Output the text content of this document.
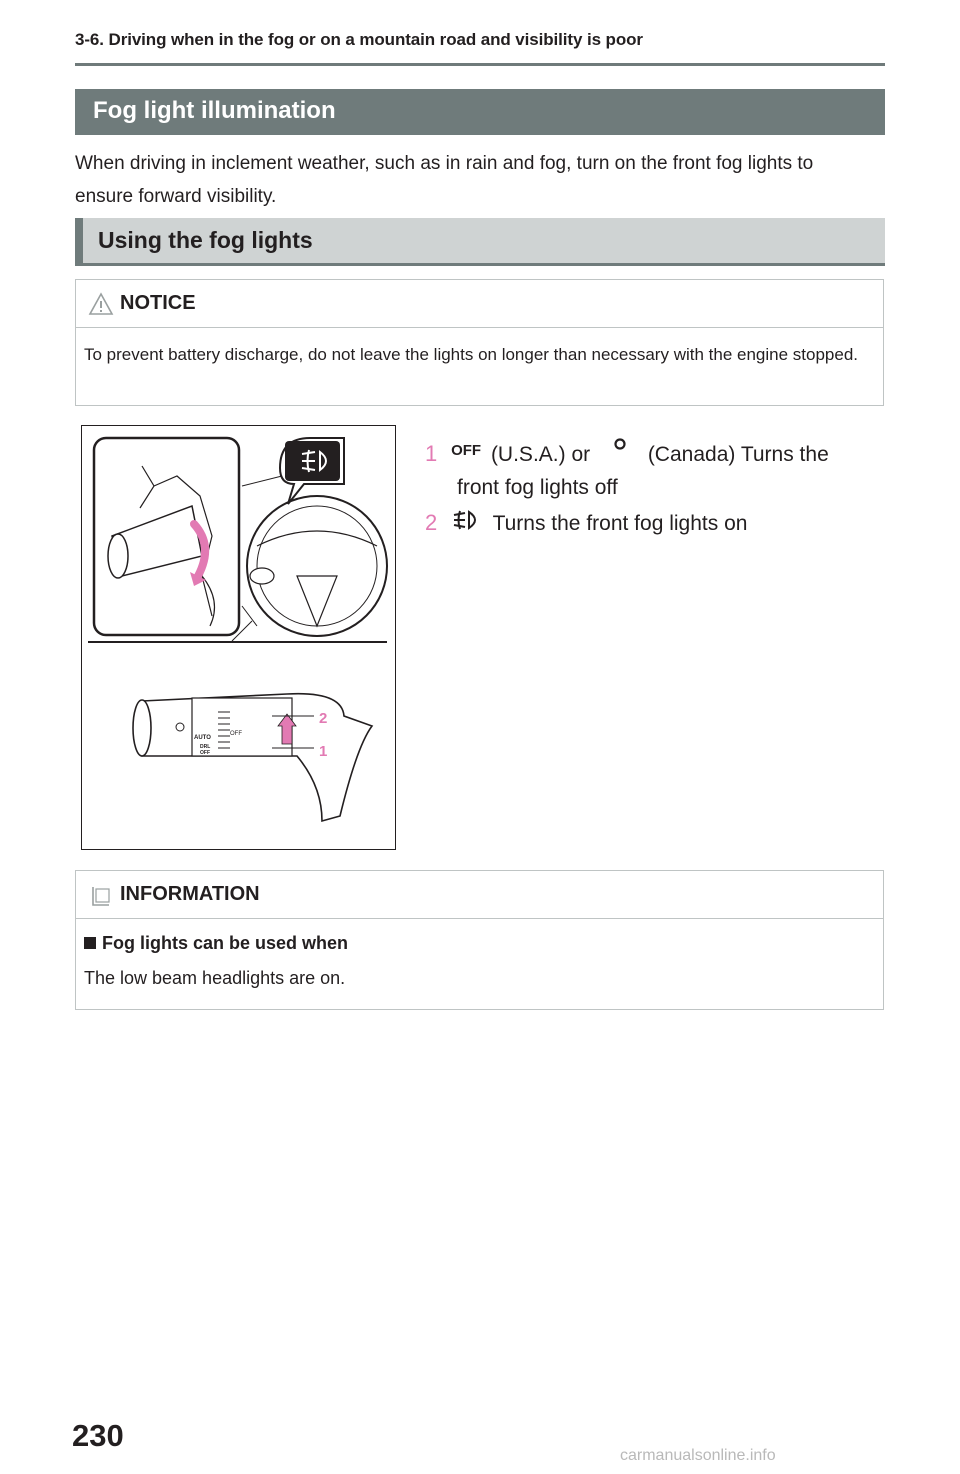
3-6. Driving when in the fog or on a mountain road and visibility is poor
Fog light illumination
When driving in inclement weather, such as in rain and fog, turn on the front fog lights to ensure forward visibility.
Using the fog lights
NOTICE
To prevent battery discharge, do not leave the lights on longer than necessary with the engine stopped.
AUTO
OFF
DRL
OFF
2
1
1 OFF (U.S.A.) or	(Canada) Turns the
front fog lights off
2	Turns the front fog lights on
INFORMATION
Fog lights can be used when
The low beam headlights are on.
230
carmanualsonline.info
